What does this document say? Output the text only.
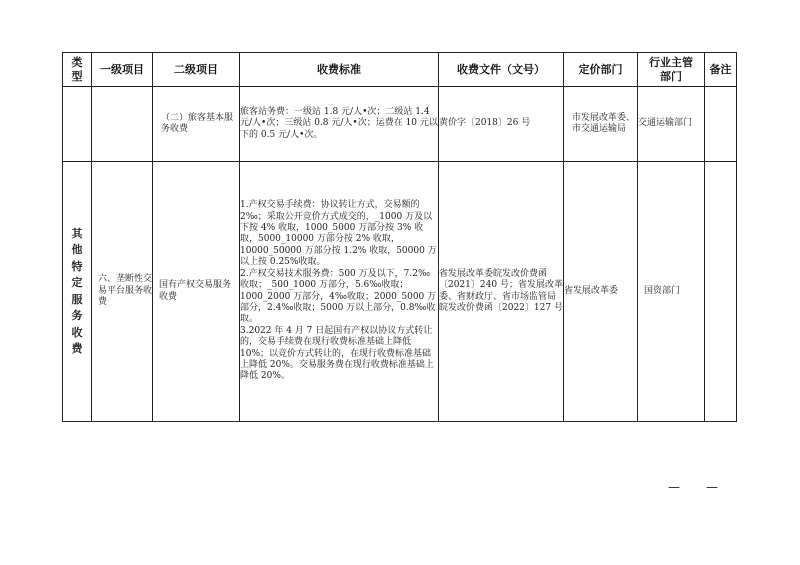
类型	一级项目	二级项目	收费标准	收费文件（文号）	定价部门	行业主管部门	备注
		（二）旅客基本服务收费	旅客站务费：一级站 1.8 元/人•次；二级站 1.4 元/人•次；三级站 0.8 元/人•次；运费在 10 元以下的 0.5 元/人•次。	黄价字〔2018〕26 号	市发展改革委、市交通运输局	交通运输部门	
其他特定服务收费	六、垄断性交易平台服务收费	国有产权交易服务收费	1.产权交易手续费：协议转让方式，交易额的 2‰；采取公开竞价方式成交的，_1000 万及以下按 4% 收取，1000_5000 万部分按 3% 收取，5000_10000 万部分按 2% 收取，10000_50000 万部分按 1.2% 收取，50000 万以上按 0.25%收取。
2.产权交易技术服务费：500 万及以下，7.2‰收取；_500_1000 万部分，5.6‰收取；1000_2000 万部分，4‰收取；2000_5000 万部分，2.4‰收取；5000 万以上部分，0.8‰收取。
3.2022 年 4 月 7 日起国有产权以协议方式转让的，交易手续费在现行收费标准基础上降低 10%；以竞价方式转让的，在现行收费标准基础上降低 20%。交易服务费在现行收费标准基础上降低 20%。	省发展改革委皖发改价费函〔2021〕240 号；省发展改革委、省财政厅、省市场监管局皖发改价费函〔2022〕127 号	省发展改革委	国资部门	
— —
